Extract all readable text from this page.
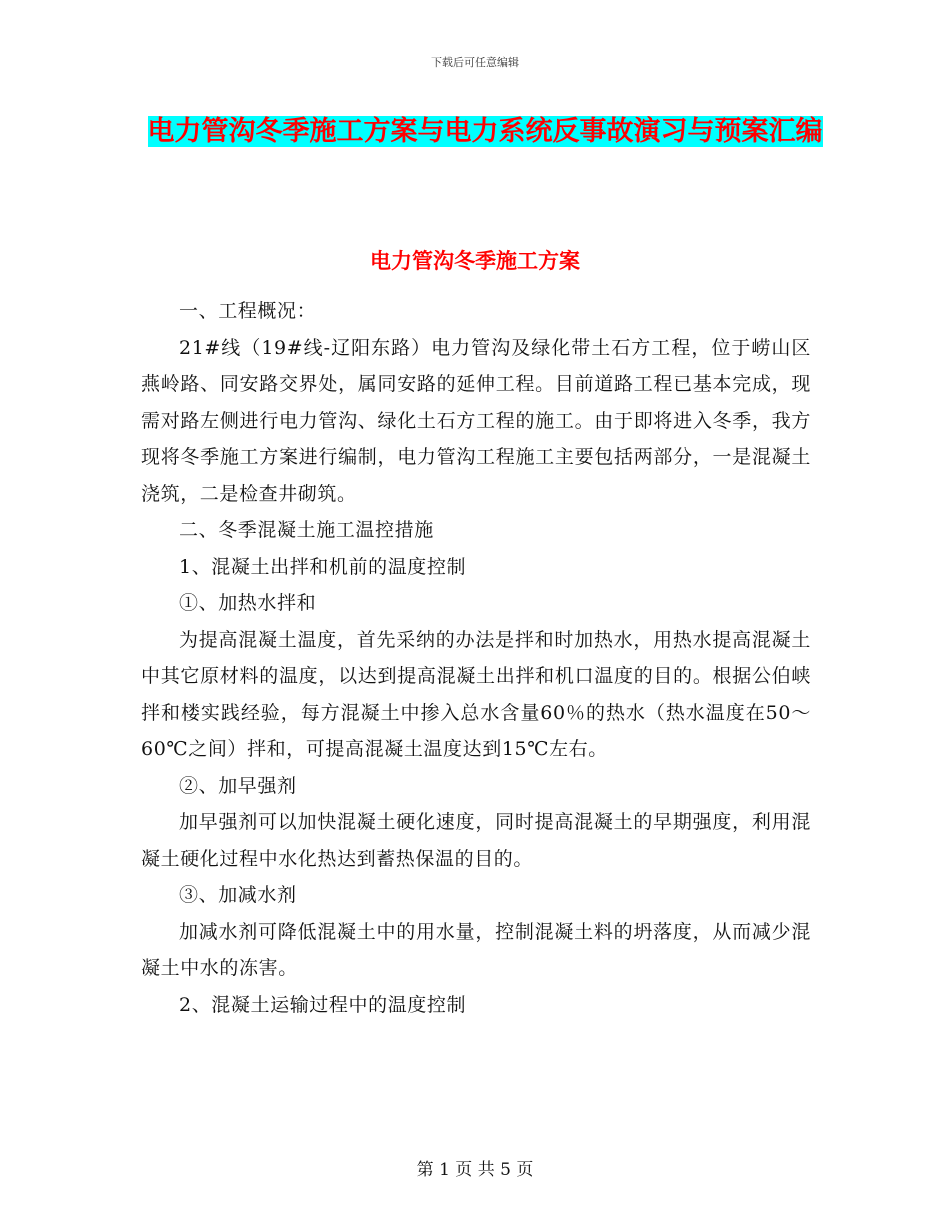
下载后可任意编辑
电力管沟冬季施工方案与电力系统反事故演习与预案汇编
电力管沟冬季施工方案

一、工程概况：

21#线（19#线-辽阳东路）电力管沟及绿化带土石方工程，位于崂山区燕岭路、同安路交界处，属同安路的延伸工程。目前道路工程已基本完成，现需对路左侧进行电力管沟、绿化土石方工程的施工。由于即将进入冬季，我方现将冬季施工方案进行编制，电力管沟工程施工主要包括两部分，一是混凝土浇筑，二是检查井砌筑。

二、冬季混凝土施工温控措施

1、混凝土出拌和机前的温度控制

①、加热水拌和

为提高混凝土温度，首先采纳的办法是拌和时加热水，用热水提高混凝土中其它原材料的温度，以达到提高混凝土出拌和机口温度的目的。根据公伯峡拌和楼实践经验，每方混凝土中掺入总水含量60％的热水（热水温度在50～60℃之间）拌和，可提高混凝土温度达到15℃左右。

②、加早强剂

加早强剂可以加快混凝土硬化速度，同时提高混凝土的早期强度，利用混凝土硬化过程中水化热达到蓄热保温的目的。

③、加减水剂

加减水剂可降低混凝土中的用水量，控制混凝土料的坍落度，从而减少混凝土中水的冻害。

2、混凝土运输过程中的温度控制

第 1 页 共 5 页
